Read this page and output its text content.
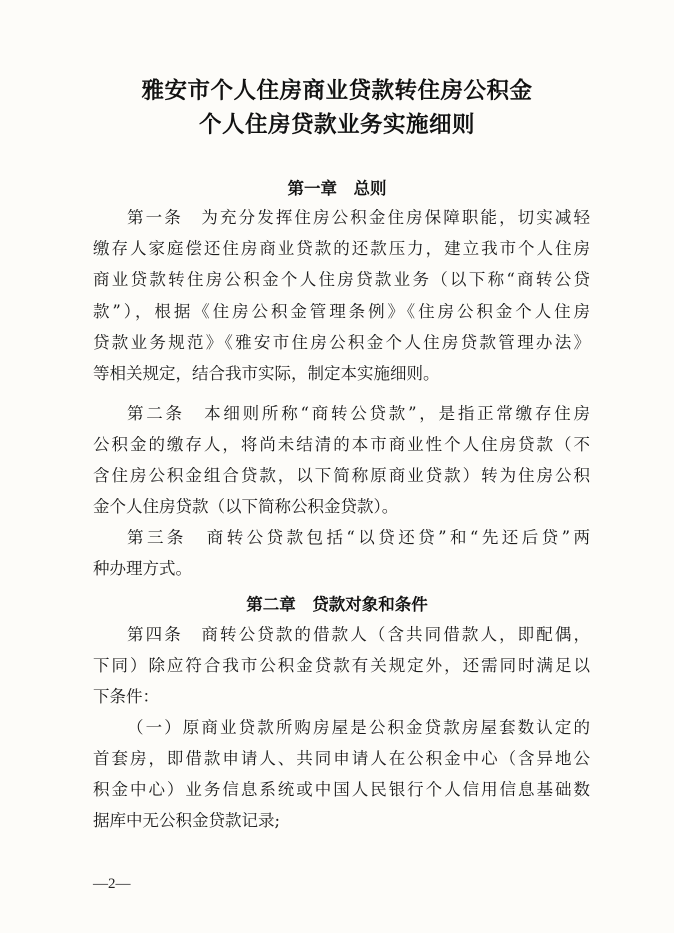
雅安市个人住房商业贷款转住房公积金
个人住房贷款业务实施细则
第一章　总则
第一条　为充分发挥住房公积金住房保障职能，切实减轻
缴存人家庭偿还住房商业贷款的还款压力，建立我市个人住房
商业贷款转住房公积金个人住房贷款业务（以下称“商转公贷
款”），根据《住房公积金管理条例》《住房公积金个人住房
贷款业务规范》《雅安市住房公积金个人住房贷款管理办法》
等相关规定，结合我市实际，制定本实施细则。
第二条　本细则所称“商转公贷款”，是指正常缴存住房
公积金的缴存人，将尚未结清的本市商业性个人住房贷款（不
含住房公积金组合贷款，以下简称原商业贷款）转为住房公积
金个人住房贷款（以下简称公积金贷款）。
第三条　商转公贷款包括“以贷还贷”和“先还后贷”两
种办理方式。
第二章　贷款对象和条件
第四条　商转公贷款的借款人（含共同借款人，即配偶，
下同）除应符合我市公积金贷款有关规定外，还需同时满足以
下条件：
（一）原商业贷款所购房屋是公积金贷款房屋套数认定的
首套房，即借款申请人、共同申请人在公积金中心（含异地公
积金中心）业务信息系统或中国人民银行个人信用信息基础数
据库中无公积金贷款记录;
—2—
